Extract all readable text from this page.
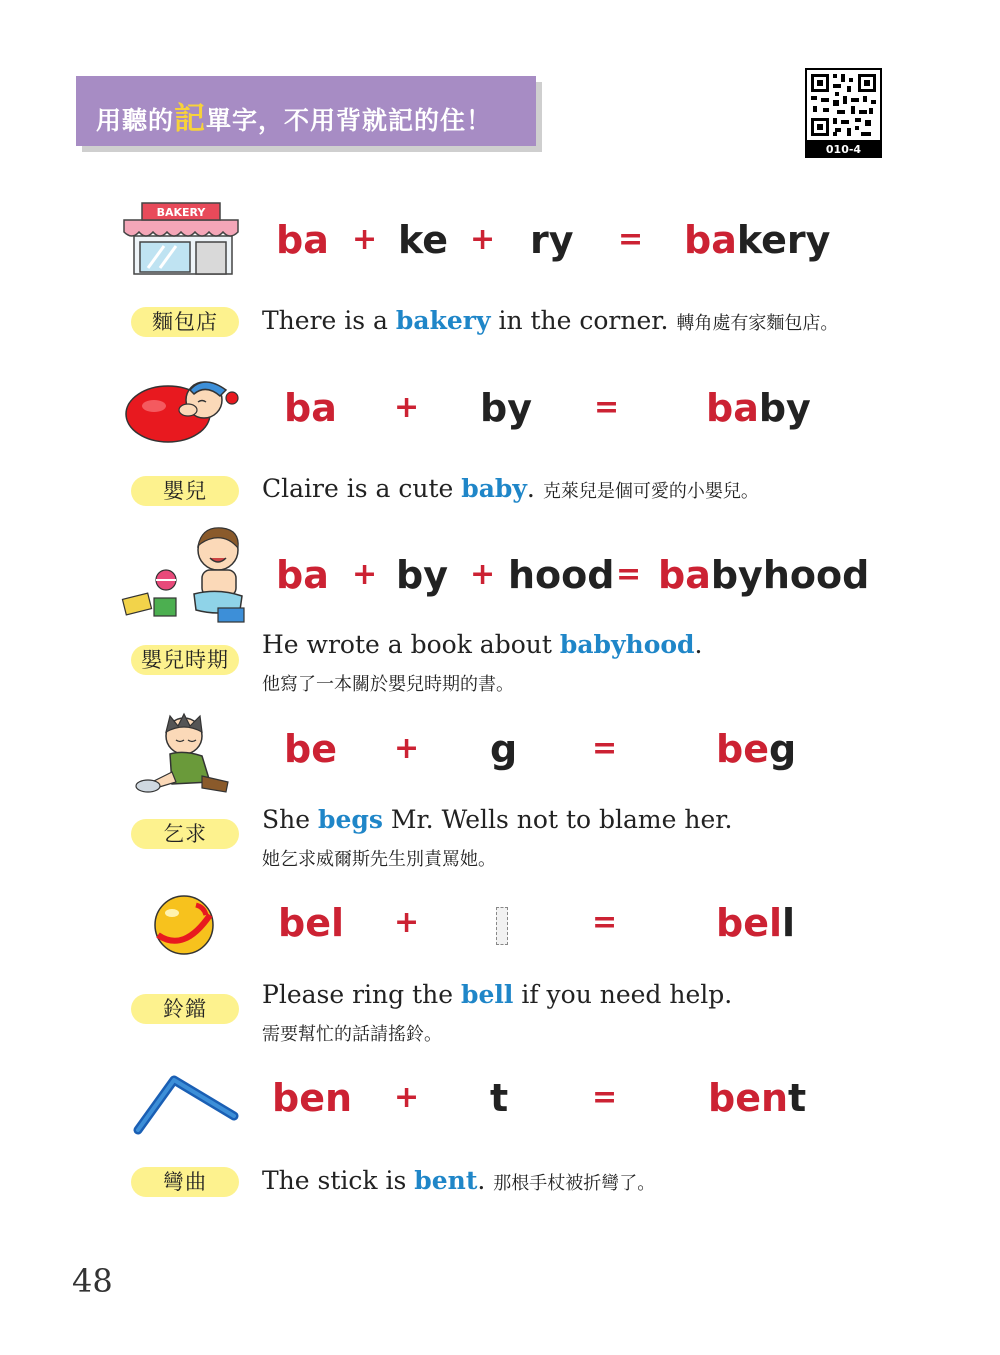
用聽的記單字，不用背就記的住！
010-4
BAKERY
ba + ke + ry = bakery
麵包店	There is a bakery in the corner. 轉角處有家麵包店。
ba + by = baby
嬰兒	Claire is a cute baby. 克萊兒是個可愛的小嬰兒。
ba + by + hood = babyhood
嬰兒時期
He wrote a book about babyhood.
他寫了一本關於嬰兒時期的書。
be + g =	beg
乞求	She begs Mr. Wells not to blame her.
她乞求威爾斯先生別責罵她。
bel +	=	bell
鈴鐺	Please ring the bell if you need help.
需要幫忙的話請搖鈴。
ben + t	= bent
彎曲	The stick is bent. 那根手杖被折彎了。
48
